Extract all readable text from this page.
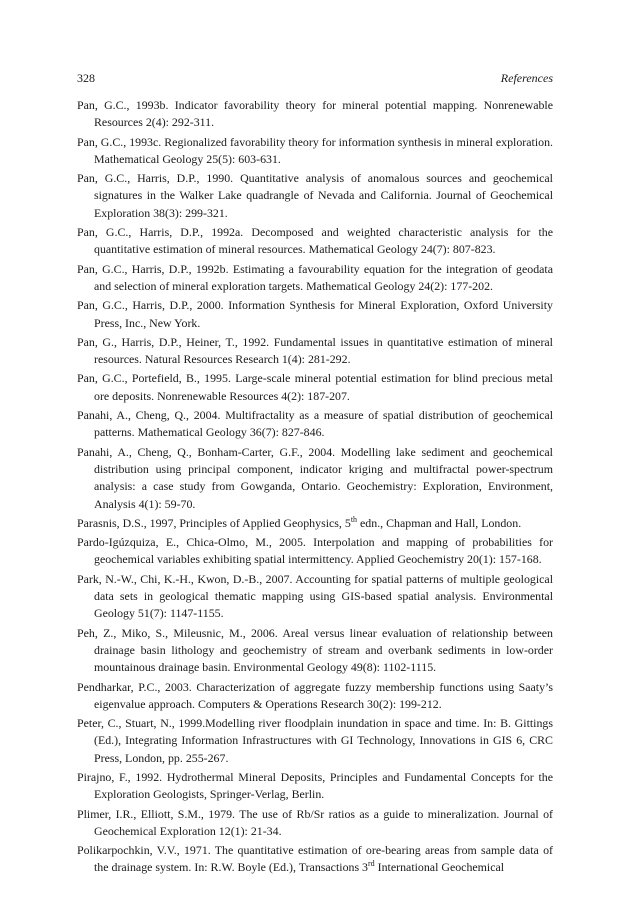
328	References
Pan, G.C., 1993b. Indicator favorability theory for mineral potential mapping. Nonrenewable Resources 2(4): 292-311.
Pan, G.C., 1993c. Regionalized favorability theory for information synthesis in mineral exploration. Mathematical Geology 25(5): 603-631.
Pan, G.C., Harris, D.P., 1990. Quantitative analysis of anomalous sources and geochemical signatures in the Walker Lake quadrangle of Nevada and California. Journal of Geochemical Exploration 38(3): 299-321.
Pan, G.C., Harris, D.P., 1992a. Decomposed and weighted characteristic analysis for the quantitative estimation of mineral resources. Mathematical Geology 24(7): 807-823.
Pan, G.C., Harris, D.P., 1992b. Estimating a favourability equation for the integration of geodata and selection of mineral exploration targets. Mathematical Geology 24(2): 177-202.
Pan, G.C., Harris, D.P., 2000. Information Synthesis for Mineral Exploration, Oxford University Press, Inc., New York.
Pan, G., Harris, D.P., Heiner, T., 1992. Fundamental issues in quantitative estimation of mineral resources. Natural Resources Research 1(4): 281-292.
Pan, G.C., Portefield, B., 1995. Large-scale mineral potential estimation for blind precious metal ore deposits. Nonrenewable Resources 4(2): 187-207.
Panahi, A., Cheng, Q., 2004. Multifractality as a measure of spatial distribution of geochemical patterns. Mathematical Geology 36(7): 827-846.
Panahi, A., Cheng, Q., Bonham-Carter, G.F., 2004. Modelling lake sediment and geochemical distribution using principal component, indicator kriging and multifractal power-spectrum analysis: a case study from Gowganda, Ontario. Geochemistry: Exploration, Environment, Analysis 4(1): 59-70.
Parasnis, D.S., 1997, Principles of Applied Geophysics, 5th edn., Chapman and Hall, London.
Pardo-Igúzquiza, E., Chica-Olmo, M., 2005. Interpolation and mapping of probabilities for geochemical variables exhibiting spatial intermittency. Applied Geochemistry 20(1): 157-168.
Park, N.-W., Chi, K.-H., Kwon, D.-B., 2007. Accounting for spatial patterns of multiple geological data sets in geological thematic mapping using GIS-based spatial analysis. Environmental Geology 51(7): 1147-1155.
Peh, Z., Miko, S., Mileusnic, M., 2006. Areal versus linear evaluation of relationship between drainage basin lithology and geochemistry of stream and overbank sediments in low-order mountainous drainage basin. Environmental Geology 49(8): 1102-1115.
Pendharkar, P.C., 2003. Characterization of aggregate fuzzy membership functions using Saaty’s eigenvalue approach. Computers & Operations Research 30(2): 199-212.
Peter, C., Stuart, N., 1999.Modelling river floodplain inundation in space and time. In: B. Gittings (Ed.), Integrating Information Infrastructures with GI Technology, Innovations in GIS 6, CRC Press, London, pp. 255-267.
Pirajno, F., 1992. Hydrothermal Mineral Deposits, Principles and Fundamental Concepts for the Exploration Geologists, Springer-Verlag, Berlin.
Plimer, I.R., Elliott, S.M., 1979. The use of Rb/Sr ratios as a guide to mineralization. Journal of Geochemical Exploration 12(1): 21-34.
Polikarpochkin, V.V., 1971. The quantitative estimation of ore-bearing areas from sample data of the drainage system. In: R.W. Boyle (Ed.), Transactions 3rd International Geochemical
